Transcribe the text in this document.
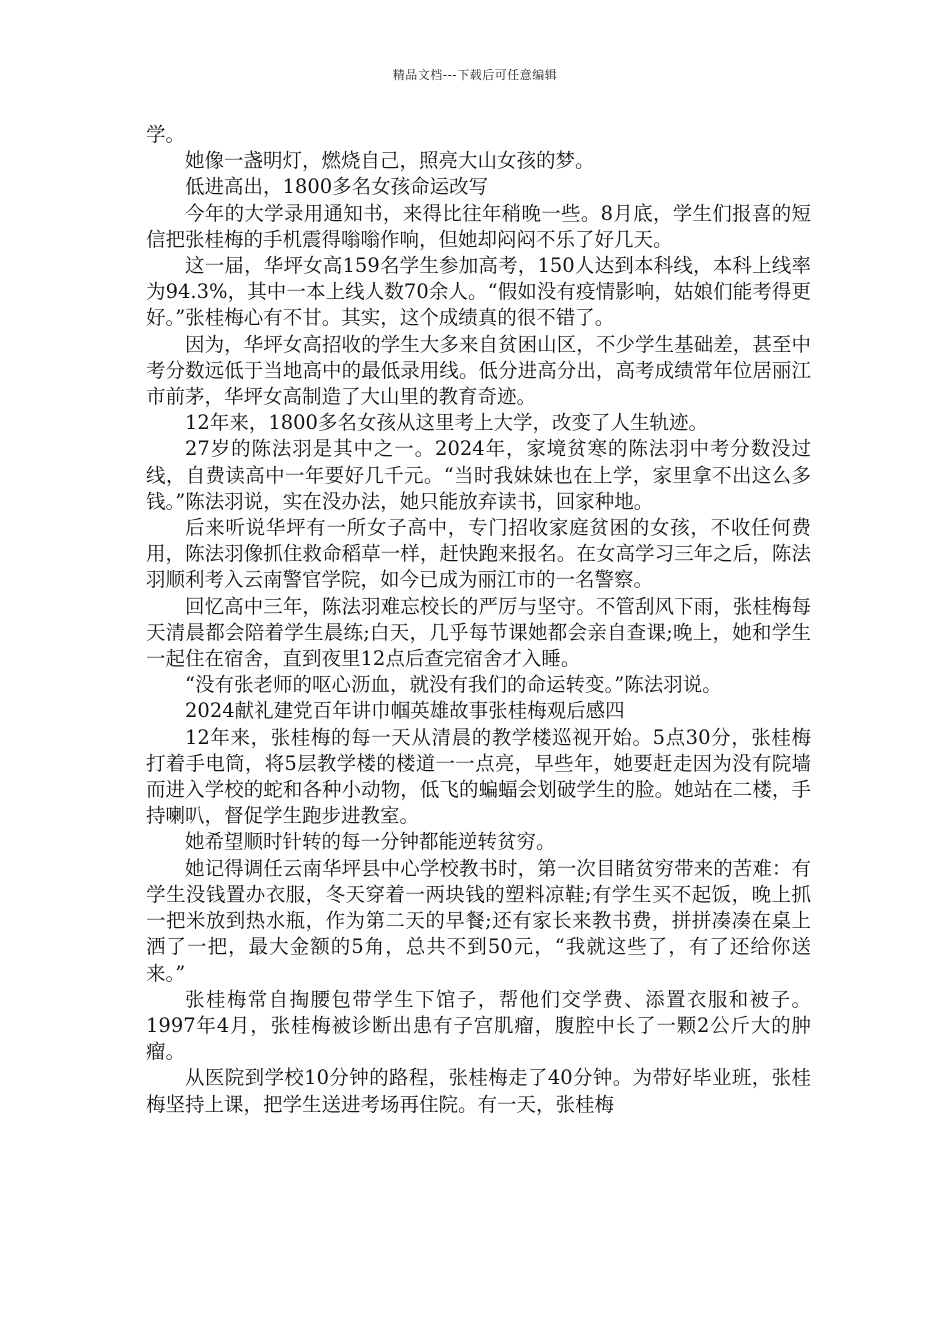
精品文档---下载后可任意编辑

学。

她像一盏明灯，燃烧自己，照亮大山女孩的梦。

低进高出，1800多名女孩命运改写

今年的大学录用通知书，来得比往年稍晚一些。8月底，学生们报喜的短信把张桂梅的手机震得嗡嗡作响，但她却闷闷不乐了好几天。

这一届，华坪女高159名学生参加高考，150人达到本科线，本科上线率为94.3%，其中一本上线人数70余人。“假如没有疫情影响，姑娘们能考得更好。”张桂梅心有不甘。其实，这个成绩真的很不错了。

因为，华坪女高招收的学生大多来自贫困山区，不少学生基础差，甚至中考分数远低于当地高中的最低录用线。低分进高分出，高考成绩常年位居丽江市前茅，华坪女高制造了大山里的教育奇迹。

12年来，1800多名女孩从这里考上大学，改变了人生轨迹。

27岁的陈法羽是其中之一。2024年，家境贫寒的陈法羽中考分数没过线，自费读高中一年要好几千元。“当时我妹妹也在上学，家里拿不出这么多钱。”陈法羽说，实在没办法，她只能放弃读书，回家种地。

后来听说华坪有一所女子高中，专门招收家庭贫困的女孩，不收任何费用，陈法羽像抓住救命稻草一样，赶快跑来报名。在女高学习三年之后，陈法羽顺利考入云南警官学院，如今已成为丽江市的一名警察。

回忆高中三年，陈法羽难忘校长的严厉与坚守。不管刮风下雨，张桂梅每天清晨都会陪着学生晨练;白天，几乎每节课她都会亲自查课;晚上，她和学生一起住在宿舍，直到夜里12点后查完宿舍才入睡。

“没有张老师的呕心沥血，就没有我们的命运转变。”陈法羽说。

2024献礼建党百年讲巾帼英雄故事张桂梅观后感四

12年来，张桂梅的每一天从清晨的教学楼巡视开始。5点30分，张桂梅打着手电筒，将5层教学楼的楼道一一点亮，早些年，她要赶走因为没有院墙而进入学校的蛇和各种小动物，低飞的蝙蝠会划破学生的脸。她站在二楼，手持喇叭，督促学生跑步进教室。

她希望顺时针转的每一分钟都能逆转贫穷。

她记得调任云南华坪县中心学校教书时，第一次目睹贫穷带来的苦难：有学生没钱置办衣服，冬天穿着一两块钱的塑料凉鞋;有学生买不起饭，晚上抓一把米放到热水瓶，作为第二天的早餐;还有家长来教书费，拼拼凑凑在桌上洒了一把，最大金额的5角，总共不到50元，“我就这些了，有了还给你送来。”

张桂梅常自掏腰包带学生下馆子，帮他们交学费、添置衣服和被子。1997年4月，张桂梅被诊断出患有子宫肌瘤，腹腔中长了一颗2公斤大的肿瘤。

从医院到学校10分钟的路程，张桂梅走了40分钟。为带好毕业班，张桂梅坚持上课，把学生送进考场再住院。有一天，张桂梅
